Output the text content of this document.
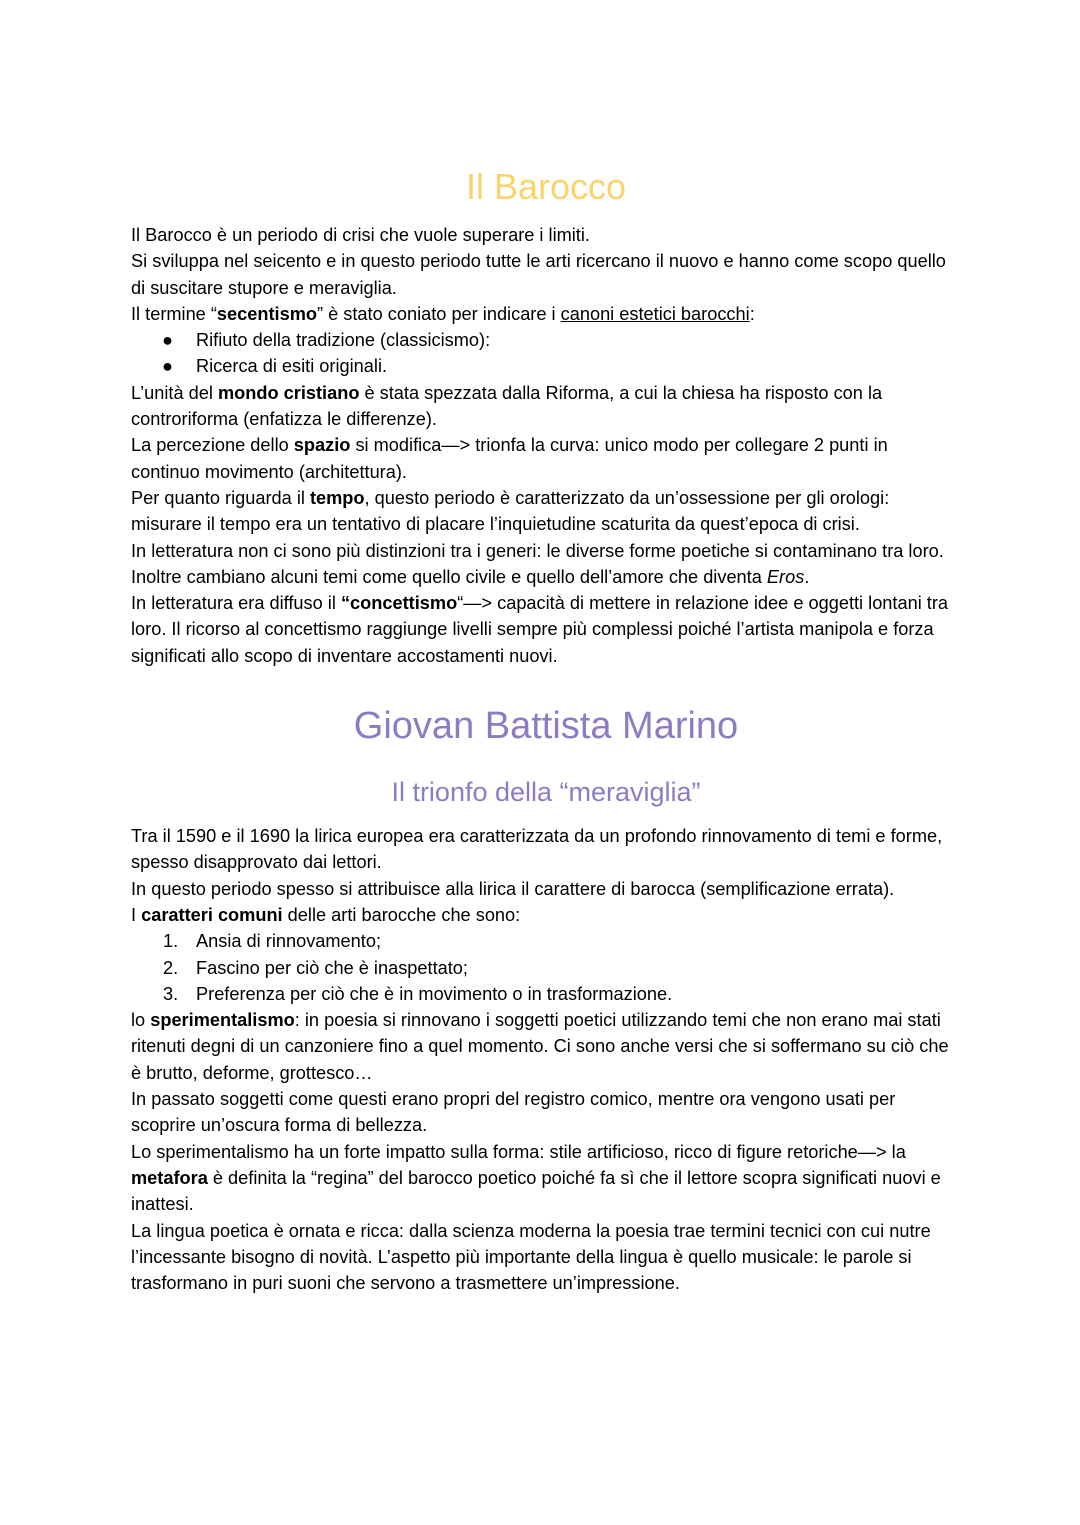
Il Barocco

Il Barocco è un periodo di crisi che vuole superare i limiti.

Si sviluppa nel seicento e in questo periodo tutte le arti ricercano il nuovo e hanno come scopo quello di suscitare stupore e meraviglia.

Il termine “secentismo” è stato coniato per indicare i canoni estetici barocchi:

● Rifiuto della tradizione (classicismo):
● Ricerca di esiti originali.

L’unità del mondo cristiano è stata spezzata dalla Riforma, a cui la chiesa ha risposto con la controriforma (enfatizza le differenze).

La percezione dello spazio si modifica—> trionfa la curva: unico modo per collegare 2 punti in continuo movimento (architettura).

Per quanto riguarda il tempo, questo periodo è caratterizzato da un’ossessione per gli orologi: misurare il tempo era un tentativo di placare l’inquietudine scaturita da quest’epoca di crisi.

In letteratura non ci sono più distinzioni tra i generi: le diverse forme poetiche si contaminano tra loro. Inoltre cambiano alcuni temi come quello civile e quello dell’amore che diventa Eros.

In letteratura era diffuso il “concettismo“—> capacità di mettere in relazione idee e oggetti lontani tra loro. Il ricorso al concettismo raggiunge livelli sempre più complessi poiché l’artista manipola e forza significati allo scopo di inventare accostamenti nuovi.

Giovan Battista Marino
Il trionfo della “meraviglia”

Tra il 1590 e il 1690 la lirica europea era caratterizzata da un profondo rinnovamento di temi e forme, spesso disapprovato dai lettori.

In questo periodo spesso si attribuisce alla lirica il carattere di barocca (semplificazione errata).

I caratteri comuni delle arti barocche che sono:

1. Ansia di rinnovamento;
2. Fascino per ciò che è inaspettato;
3. Preferenza per ciò che è in movimento o in trasformazione.

lo sperimentalismo: in poesia si rinnovano i soggetti poetici utilizzando temi che non erano mai stati ritenuti degni di un canzoniere fino a quel momento. Ci sono anche versi che si soffermano su ciò che è brutto, deforme, grottesco…

In passato soggetti come questi erano propri del registro comico, mentre ora vengono usati per scoprire un’oscura forma di bellezza.

Lo sperimentalismo ha un forte impatto sulla forma: stile artificioso, ricco di figure retoriche—> la metafora è definita la “regina” del barocco poetico poiché fa sì che il lettore scopra significati nuovi e inattesi.

La lingua poetica è ornata e ricca: dalla scienza moderna la poesia trae termini tecnici con cui nutre l’incessante bisogno di novità. L’aspetto più importante della lingua è quello musicale: le parole si trasformano in puri suoni che servono a trasmettere un’impressione.
